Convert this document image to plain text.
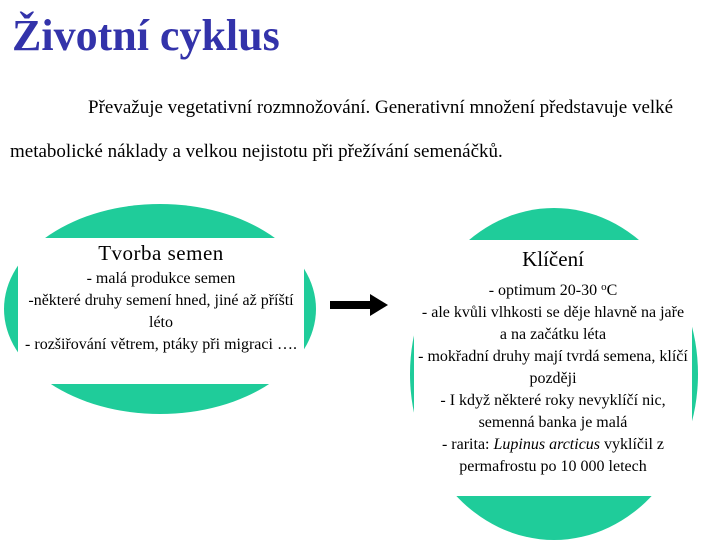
Životní cyklus

Převažuje vegetativní rozmnožování. Generativní množení představuje velké metabolické náklady a velkou nejistotu při přežívání semenáčků.

Tvorba semen
- malá produkce semen
-některé druhy semení hned, jiné až příští léto
- rozšiřování větrem, ptáky při migraci ….
Klíčení
- optimum 20-30 $^o$C
- ale kvůli vlhkosti se děje hlavně na jaře a na začátku léta
- mokřadní druhy mají tvrdá semena, klíčí později
- I když některé roky nevyklíčí nic, semenná banka je malá
- rarita: Lupinus arcticus vyklíčil z permafrostu po 10 000 letech
